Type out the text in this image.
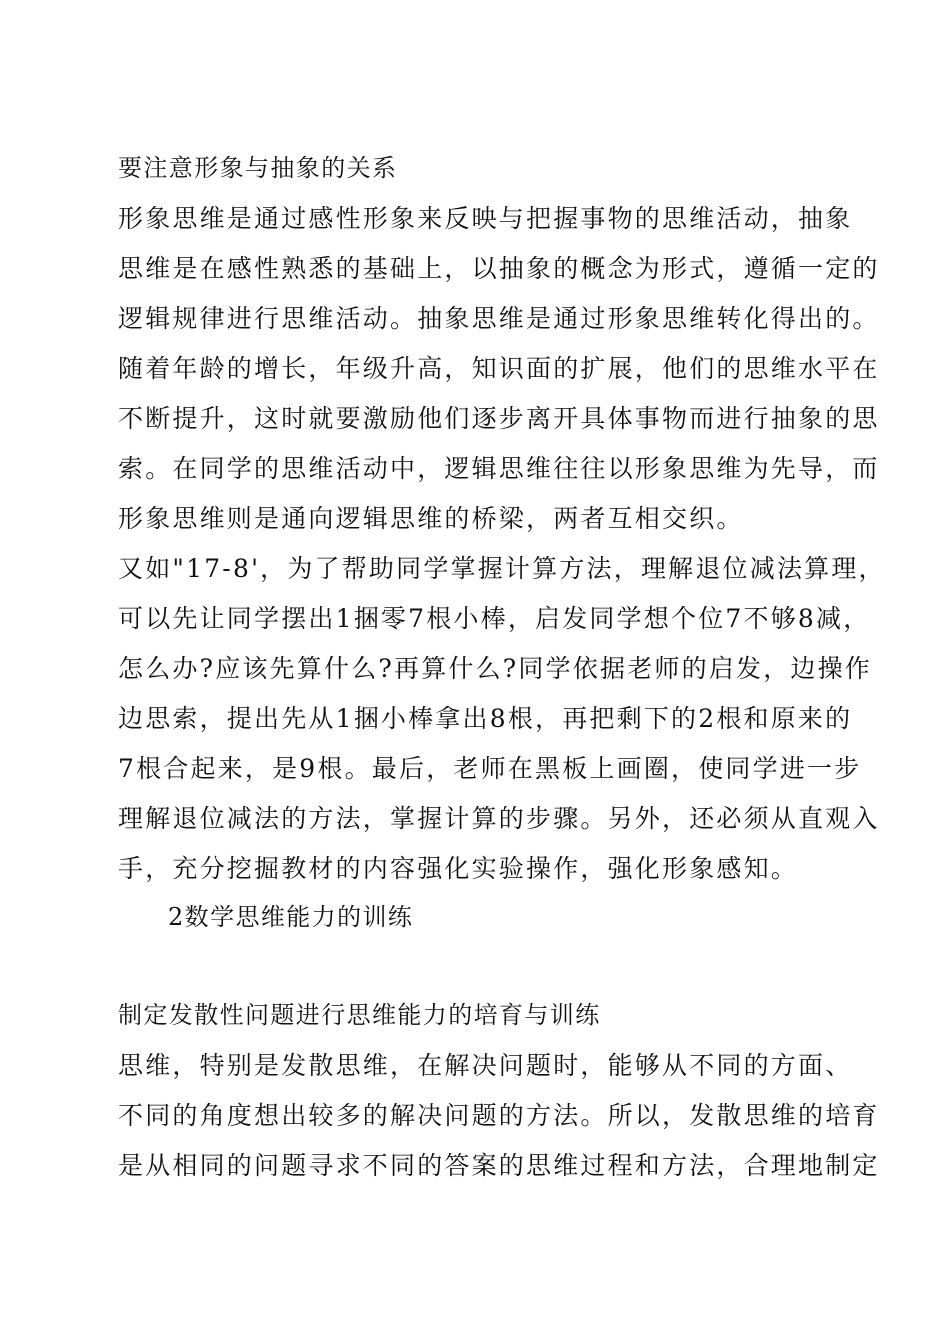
要注意形象与抽象的关系
形象思维是通过感性形象来反映与把握事物的思维活动，抽象
思维是在感性熟悉的基础上，以抽象的概念为形式，遵循一定的
逻辑规律进行思维活动。抽象思维是通过形象思维转化得出的。
随着年龄的增长，年级升高，知识面的扩展，他们的思维水平在
不断提升，这时就要激励他们逐步离开具体事物而进行抽象的思
索。在同学的思维活动中，逻辑思维往往以形象思维为先导，而
形象思维则是通向逻辑思维的桥梁，两者互相交织。
又如"17-8'，为了帮助同学掌握计算方法，理解退位减法算理，
可以先让同学摆出1捆零7根小棒，启发同学想个位7不够8减，
怎么办?应该先算什么?再算什么?同学依据老师的启发，边操作
边思索，提出先从1捆小棒拿出8根，再把剩下的2根和原来的
7根合起来，是9根。最后，老师在黑板上画圈，使同学进一步
理解退位减法的方法，掌握计算的步骤。另外，还必须从直观入
手，充分挖掘教材的内容强化实验操作，强化形象感知。
2数学思维能力的训练
制定发散性问题进行思维能力的培育与训练
思维，特别是发散思维，在解决问题时，能够从不同的方面、
不同的角度想出较多的解决问题的方法。所以，发散思维的培育
是从相同的问题寻求不同的答案的思维过程和方法，合理地制定
